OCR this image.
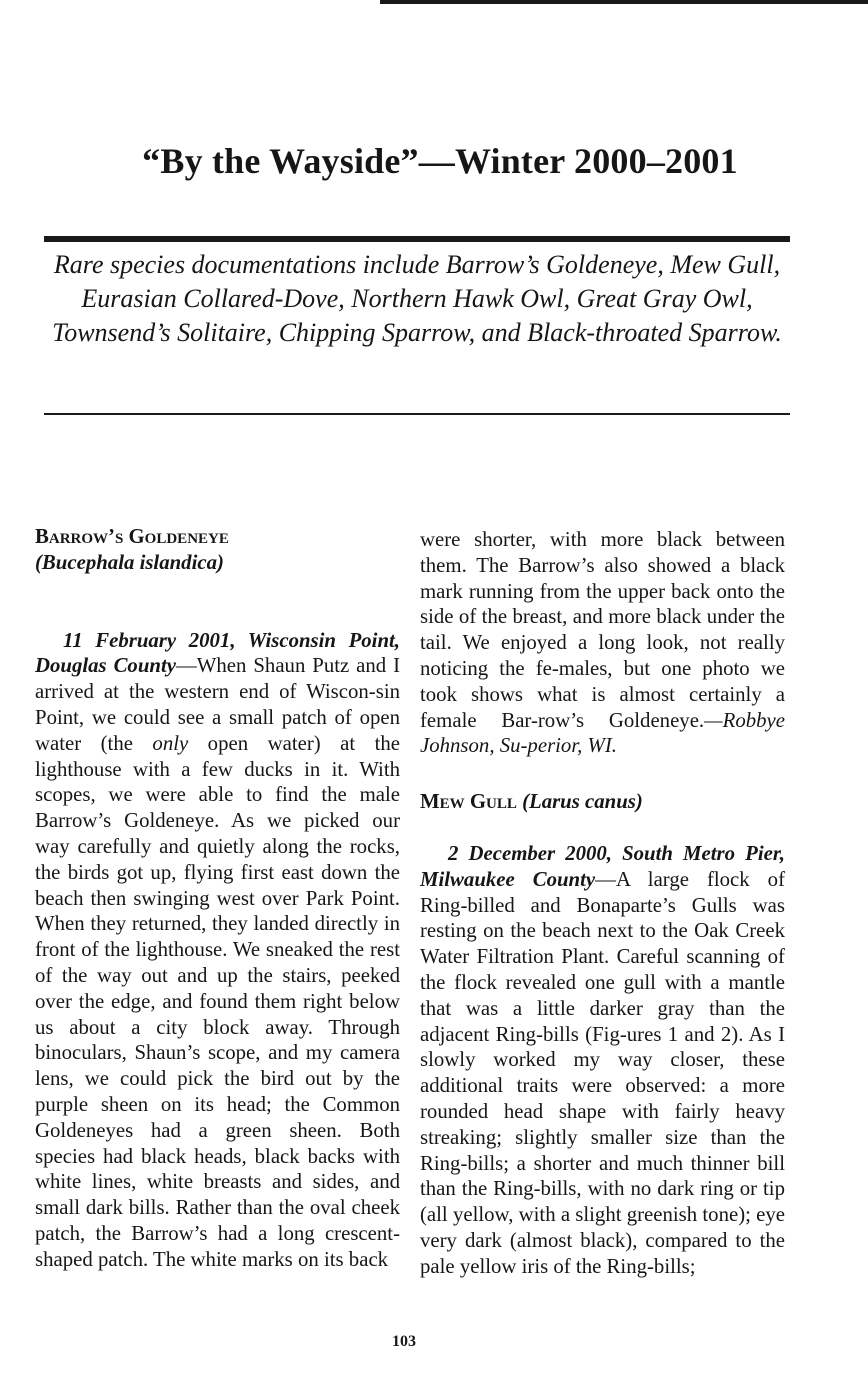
“By the Wayside”—Winter 2000–2001

Rare species documentations include Barrow’s Goldeneye, Mew Gull, Eurasian Collared-Dove, Northern Hawk Owl, Great Gray Owl, Townsend’s Solitaire, Chipping Sparrow, and Black-throated Sparrow.

Barrow’s Goldeneye
(Bucephala islandica)

11 February 2001, Wisconsin Point, Douglas County—When Shaun Putz and I arrived at the western end of Wiscon-sin Point, we could see a small patch of open water (the only open water) at the lighthouse with a few ducks in it. With scopes, we were able to find the male Barrow’s Goldeneye. As we picked our way carefully and quietly along the rocks, the birds got up, flying first east down the beach then swinging west over Park Point. When they returned, they landed directly in front of the lighthouse. We sneaked the rest of the way out and up the stairs, peeked over the edge, and found them right below us about a city block away. Through binoculars, Shaun’s scope, and my camera lens, we could pick the bird out by the purple sheen on its head; the Common Goldeneyes had a green sheen. Both species had black heads, black backs with white lines, white breasts and sides, and small dark bills. Rather than the oval cheek patch, the Barrow’s had a long crescent-shaped patch. The white marks on its back

were shorter, with more black between them. The Barrow’s also showed a black mark running from the upper back onto the side of the breast, and more black under the tail. We enjoyed a long look, not really noticing the fe-males, but one photo we took shows what is almost certainly a female Bar-row’s Goldeneye.—Robbye Johnson, Su-perior, WI.

Mew Gull (Larus canus)

2 December 2000, South Metro Pier, Milwaukee County—A large flock of Ring-billed and Bonaparte’s Gulls was resting on the beach next to the Oak Creek Water Filtration Plant. Careful scanning of the flock revealed one gull with a mantle that was a little darker gray than the adjacent Ring-bills (Fig-ures 1 and 2). As I slowly worked my way closer, these additional traits were observed: a more rounded head shape with fairly heavy streaking; slightly smaller size than the Ring-bills; a shorter and much thinner bill than the Ring-bills, with no dark ring or tip (all yellow, with a slight greenish tone); eye very dark (almost black), compared to the pale yellow iris of the Ring-bills;

103
